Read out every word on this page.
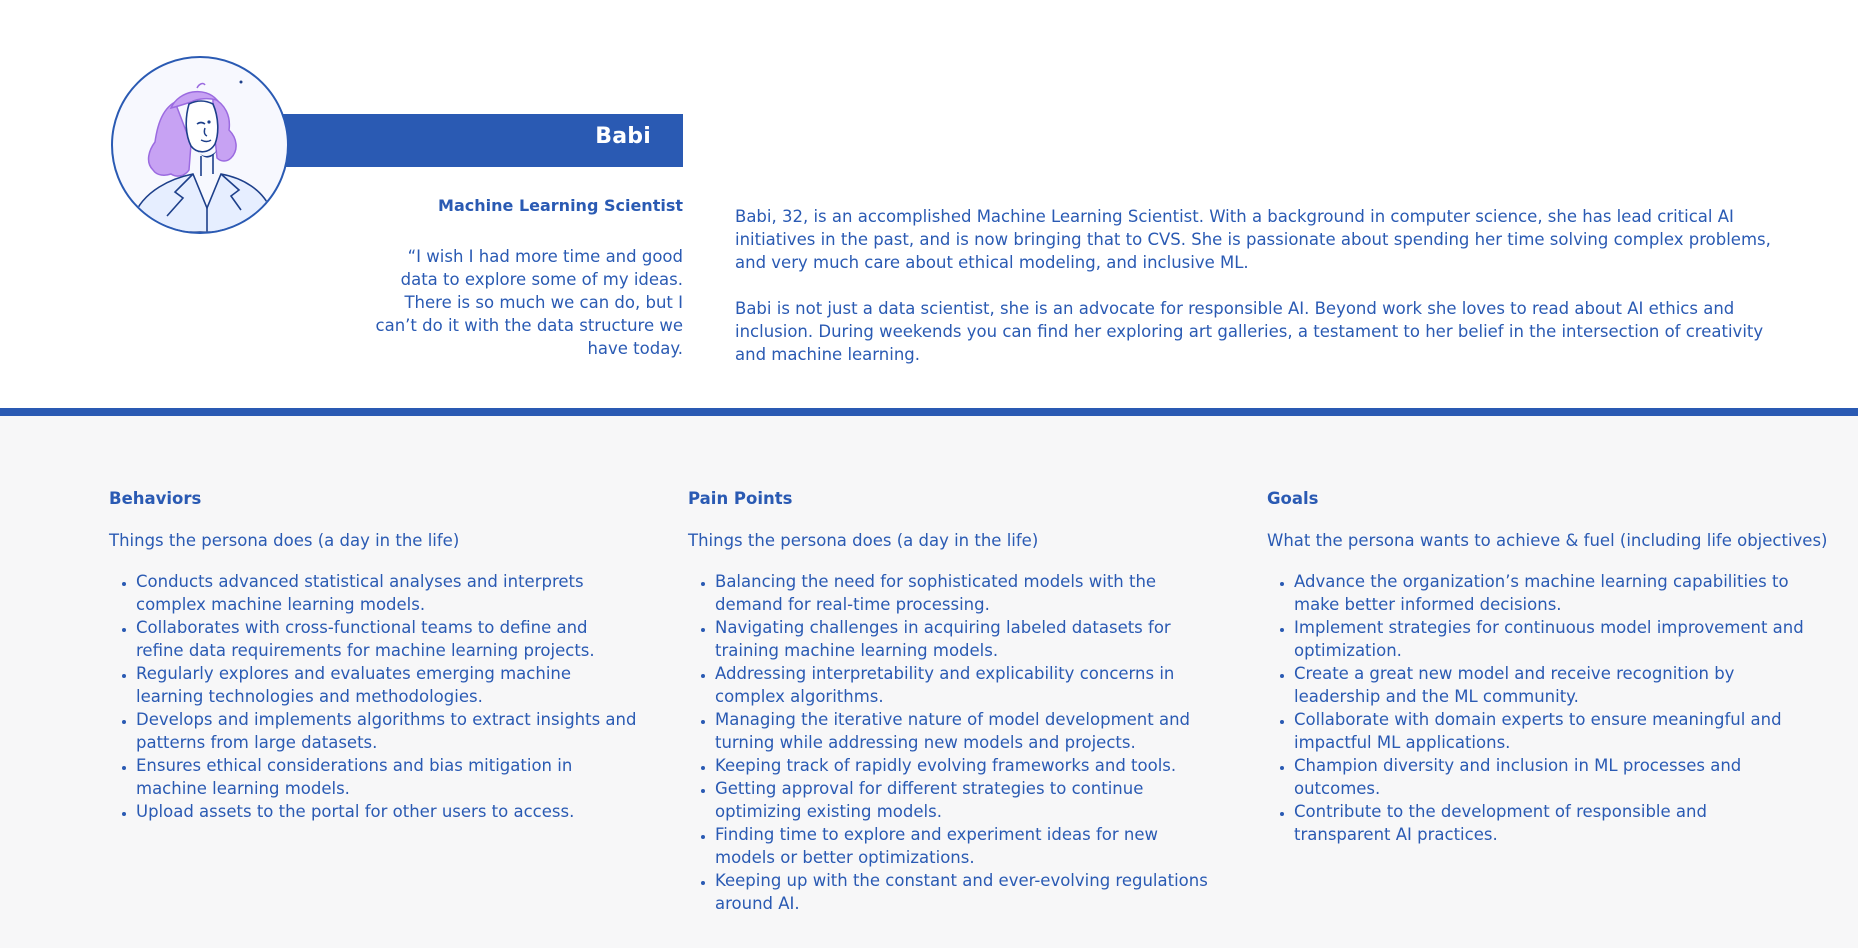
Babi
Machine Learning Scientist
“I wish I had more time and good data to explore some of my ideas. There is so much we can do, but I can’t do it with the data structure we have today.

Babi, 32, is an accomplished Machine Learning Scientist. With a background in computer science, she has lead critical AI initiatives in the past, and is now bringing that to CVS. She is passionate about spending her time solving complex problems, and very much care about ethical modeling, and inclusive ML.

Babi is not just a data scientist, she is an advocate for responsible AI. Beyond work she loves to read about AI ethics and inclusion. During weekends you can find her exploring art galleries, a testament to her belief in the intersection of creativity and machine learning.

Behaviors
Things the persona does (a day in the life)
• Conducts advanced statistical analyses and interprets complex machine learning models.
• Collaborates with cross-functional teams to define and refine data requirements for machine learning projects.
• Regularly explores and evaluates emerging machine learning technologies and methodologies.
• Develops and implements algorithms to extract insights and patterns from large datasets.
• Ensures ethical considerations and bias mitigation in machine learning models.
• Upload assets to the portal for other users to access.
Pain Points
Things the persona does (a day in the life)
• Balancing the need for sophisticated models with the demand for real-time processing.
• Navigating challenges in acquiring labeled datasets for training machine learning models.
• Addressing interpretability and explicability concerns in complex algorithms.
• Managing the iterative nature of model development and turning while addressing new models and projects.
• Keeping track of rapidly evolving frameworks and tools.
• Getting approval for different strategies to continue optimizing existing models.
• Finding time to explore and experiment ideas for new models or better optimizations.
• Keeping up with the constant and ever-evolving regulations around AI.
Goals
What the persona wants to achieve & fuel (including life objectives)
• Advance the organization’s machine learning capabilities to make better informed decisions.
• Implement strategies for continuous model improvement and optimization.
• Create a great new model and receive recognition by leadership and the ML community.
• Collaborate with domain experts to ensure meaningful and impactful ML applications.
• Champion diversity and inclusion in ML processes and outcomes.
• Contribute to the development of responsible and transparent AI practices.
